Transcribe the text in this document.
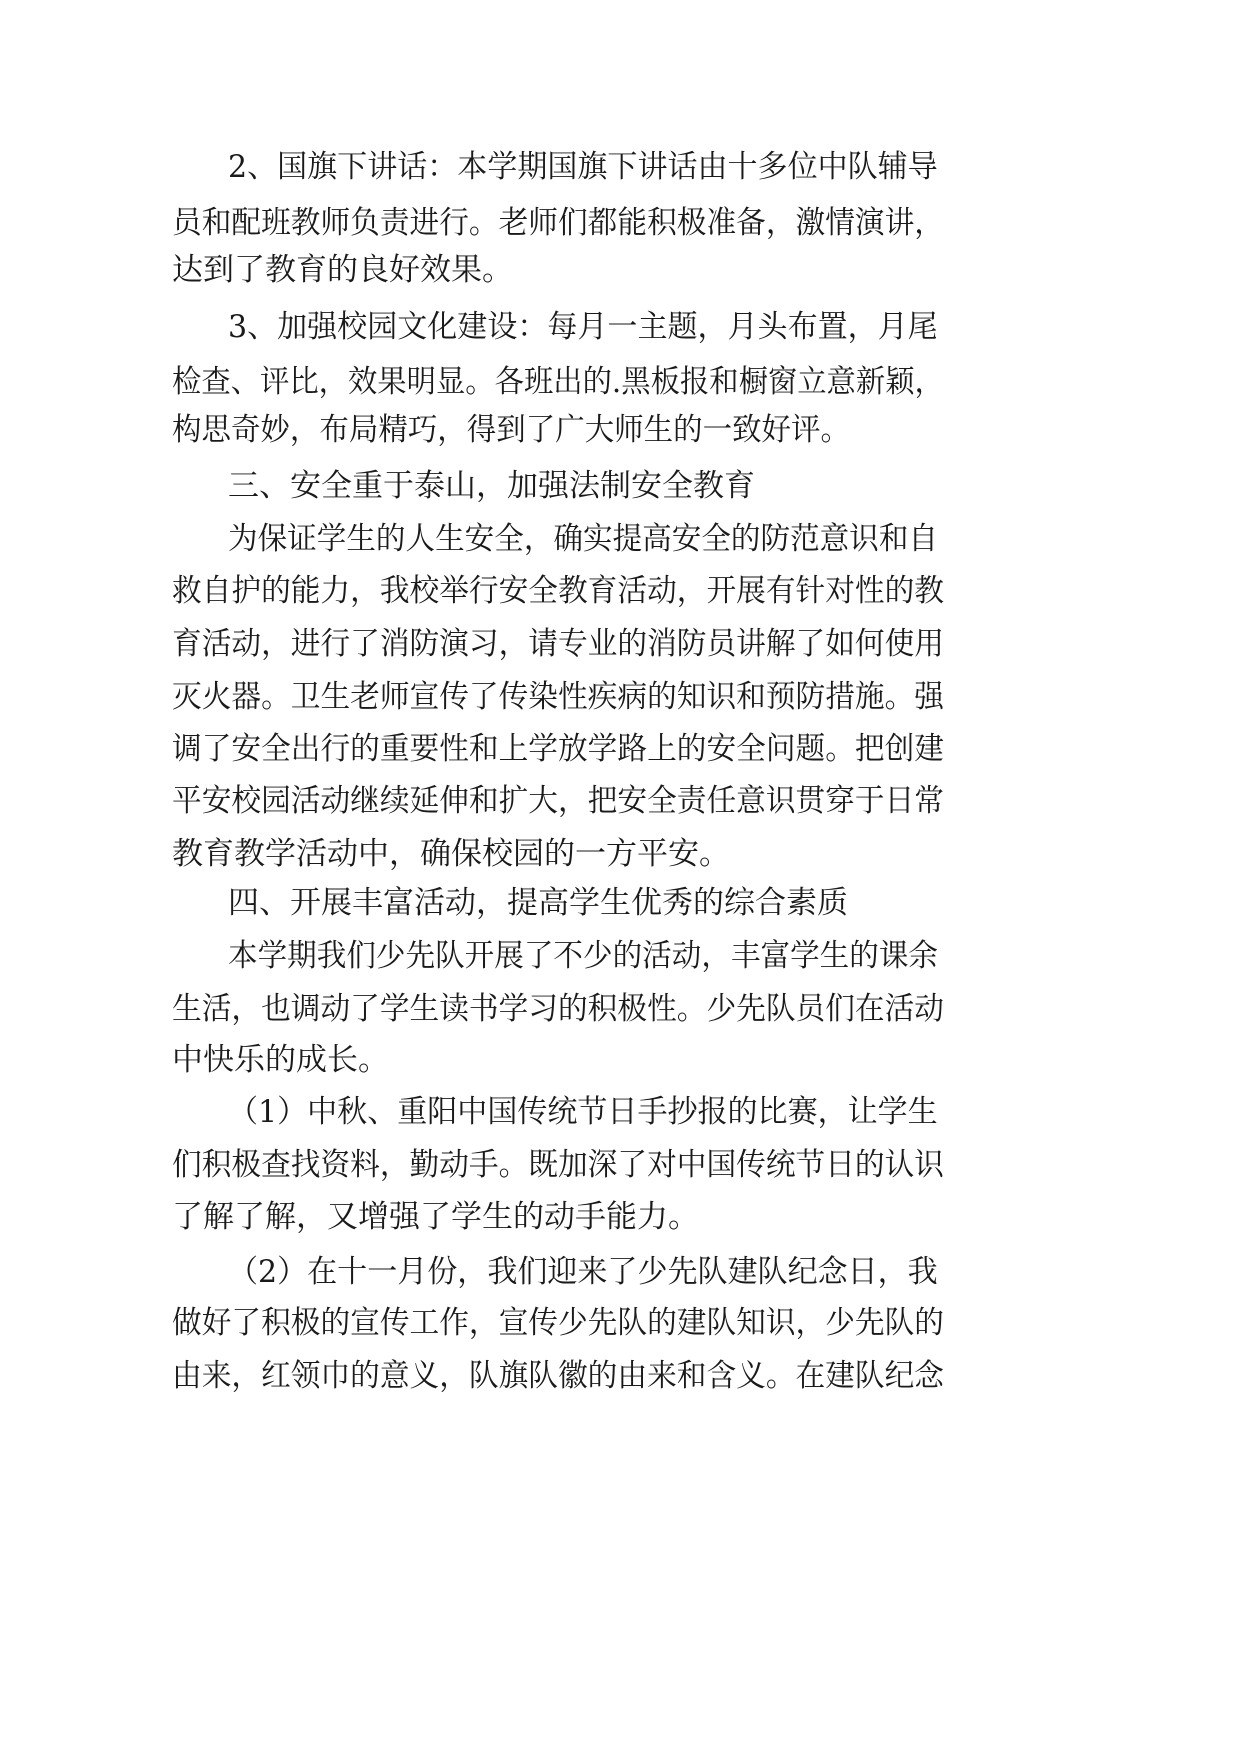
2、国旗下讲话：本学期国旗下讲话由十多位中队辅导

员和配班教师负责进行。老师们都能积极准备，激情演讲，

达到了教育的良好效果。

3、加强校园文化建设：每月一主题，月头布置，月尾

检查、评比，效果明显。各班出的.黑板报和橱窗立意新颖，

构思奇妙，布局精巧，得到了广大师生的一致好评。

三、安全重于泰山，加强法制安全教育

为保证学生的人生安全，确实提高安全的防范意识和自

救自护的能力，我校举行安全教育活动，开展有针对性的教

育活动，进行了消防演习，请专业的消防员讲解了如何使用

灭火器。卫生老师宣传了传染性疾病的知识和预防措施。强

调了安全出行的重要性和上学放学路上的安全问题。把创建

平安校园活动继续延伸和扩大，把安全责任意识贯穿于日常

教育教学活动中，确保校园的一方平安。

四、开展丰富活动，提高学生优秀的综合素质

本学期我们少先队开展了不少的活动，丰富学生的课余

生活，也调动了学生读书学习的积极性。少先队员们在活动

中快乐的成长。

（1）中秋、重阳中国传统节日手抄报的比赛，让学生

们积极查找资料，勤动手。既加深了对中国传统节日的认识

了解了解，又增强了学生的动手能力。

（2）在十一月份，我们迎来了少先队建队纪念日，我

做好了积极的宣传工作，宣传少先队的建队知识，少先队的

由来，红领巾的意义，队旗队徽的由来和含义。在建队纪念
